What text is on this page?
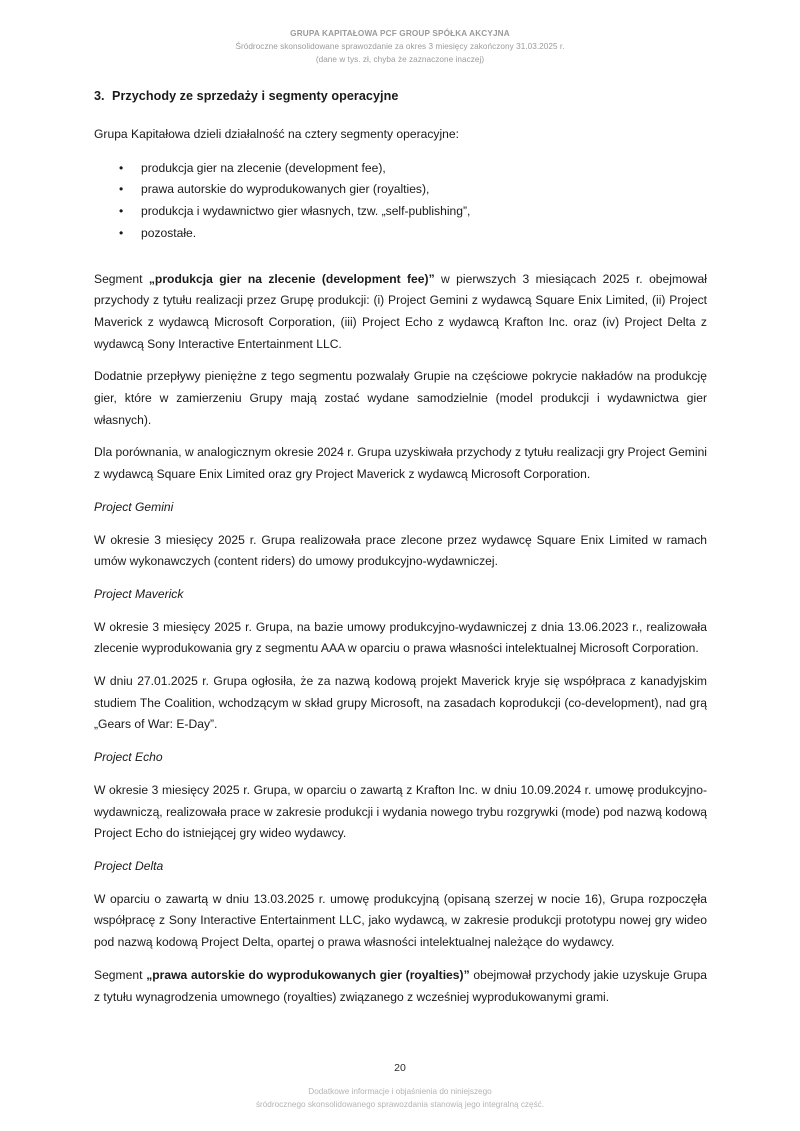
GRUPA KAPITAŁOWA PCF GROUP SPÓŁKA AKCYJNA
Śródroczne skonsolidowane sprawozdanie za okres 3 miesięcy zakończony 31.03.2025 r.
(dane w tys. zł, chyba że zaznaczone inaczej)
3. Przychody ze sprzedaży i segmenty operacyjne

Grupa Kapitałowa dzieli działalność na cztery segmenty operacyjne:

• produkcja gier na zlecenie (development fee),
• prawa autorskie do wyprodukowanych gier (royalties),
• produkcja i wydawnictwo gier własnych, tzw. „self-publishing”,
• pozostałe.

Segment „produkcja gier na zlecenie (development fee)” w pierwszych 3 miesiącach 2025 r. obejmował przychody z tytułu realizacji przez Grupę produkcji: (i) Project Gemini z wydawcą Square Enix Limited, (ii) Project Maverick z wydawcą Microsoft Corporation, (iii) Project Echo z wydawcą Krafton Inc. oraz (iv) Project Delta z wydawcą Sony Interactive Entertainment LLC.

Dodatnie przepływy pieniężne z tego segmentu pozwalały Grupie na częściowe pokrycie nakładów na produkcję gier, które w zamierzeniu Grupy mają zostać wydane samodzielnie (model produkcji i wydawnictwa gier własnych).

Dla porównania, w analogicznym okresie 2024 r. Grupa uzyskiwała przychody z tytułu realizacji gry Project Gemini z wydawcą Square Enix Limited oraz gry Project Maverick z wydawcą Microsoft Corporation.

Project Gemini

W okresie 3 miesięcy 2025 r. Grupa realizowała prace zlecone przez wydawcę Square Enix Limited w ramach umów wykonawczych (content riders) do umowy produkcyjno-wydawniczej.

Project Maverick

W okresie 3 miesięcy 2025 r. Grupa, na bazie umowy produkcyjno-wydawniczej z dnia 13.06.2023 r., realizowała zlecenie wyprodukowania gry z segmentu AAA w oparciu o prawa własności intelektualnej Microsoft Corporation.

W dniu 27.01.2025 r. Grupa ogłosiła, że za nazwą kodową projekt Maverick kryje się współpraca z kanadyjskim studiem The Coalition, wchodzącym w skład grupy Microsoft, na zasadach koprodukcji (co-development), nad grą „Gears of War: E-Day”.

Project Echo

W okresie 3 miesięcy 2025 r. Grupa, w oparciu o zawartą z Krafton Inc. w dniu 10.09.2024 r. umowę produkcyjno-wydawniczą, realizowała prace w zakresie produkcji i wydania nowego trybu rozgrywki (mode) pod nazwą kodową Project Echo do istniejącej gry wideo wydawcy.

Project Delta

W oparciu o zawartą w dniu 13.03.2025 r. umowę produkcyjną (opisaną szerzej w nocie 16), Grupa rozpoczęła współpracę z Sony Interactive Entertainment LLC, jako wydawcą, w zakresie produkcji prototypu nowej gry wideo pod nazwą kodową Project Delta, opartej o prawa własności intelektualnej należące do wydawcy.

Segment „prawa autorskie do wyprodukowanych gier (royalties)” obejmował przychody jakie uzyskuje Grupa z tytułu wynagrodzenia umownego (royalties) związanego z wcześniej wyprodukowanymi grami.

20
Dodatkowe informacje i objaśnienia do niniejszego
śródrocznego skonsolidowanego sprawozdania stanowią jego integralną część.
